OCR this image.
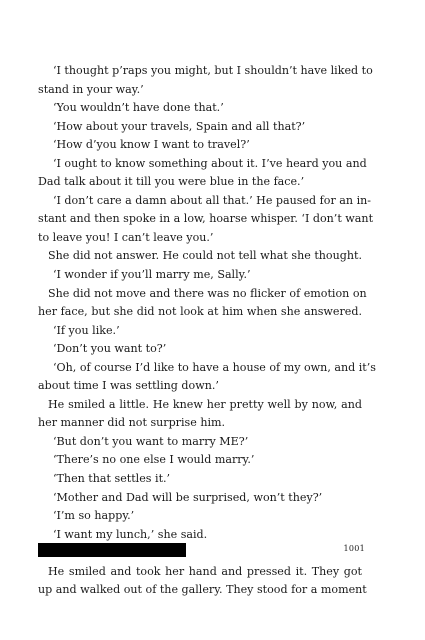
‘I thought p’raps you might, but I shouldn’t have liked to
stand in your way.’
‘You wouldn’t have done that.’
‘How about your travels, Spain and all that?’
‘How d’you know I want to travel?’
‘I ought to know something about it. I’ve heard you and
Dad talk about it till you were blue in the face.’
‘I don’t care a damn about all that.’ He paused for an in-
stant and then spoke in a low, hoarse whisper. ‘I don’t want
to leave you! I can’t leave you.’
She did not answer. He could not tell what she thought.
‘I wonder if you’ll marry me, Sally.’
She did not move and there was no flicker of emotion on
her face, but she did not look at him when she answered.
‘If you like.’
‘Don’t you want to?’
‘Oh, of course I’d like to have a house of my own, and it’s
about time I was settling down.’
He smiled a little. He knew her pretty well by now, and
her manner did not surprise him.
‘But don’t you want to marry ME?’
‘There’s no one else I would marry.’
‘Then that settles it.’
‘Mother and Dad will be surprised, won’t they?’
‘I’m so happy.’
‘I want my lunch,’ she said.
He smiled and took her hand and pressed it. They got
up and walked out of the gallery. They stood for a moment
1001
